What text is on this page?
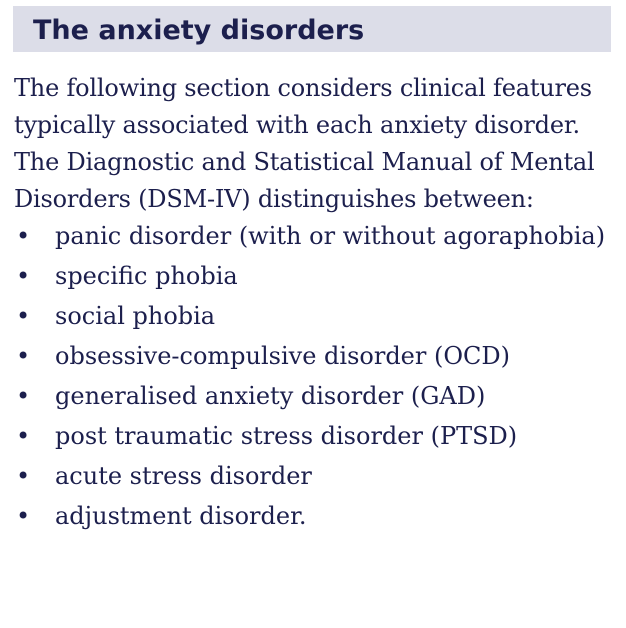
The anxiety disorders

The following section considers clinical features typically associated with each anxiety disorder. The Diagnostic and Statistical Manual of Mental Disorders (DSM-IV) distinguishes between:

• panic disorder (with or without agoraphobia)
• specific phobia
• social phobia
• obsessive-compulsive disorder (OCD)
• generalised anxiety disorder (GAD)
• post traumatic stress disorder (PTSD)
• acute stress disorder
• adjustment disorder.
